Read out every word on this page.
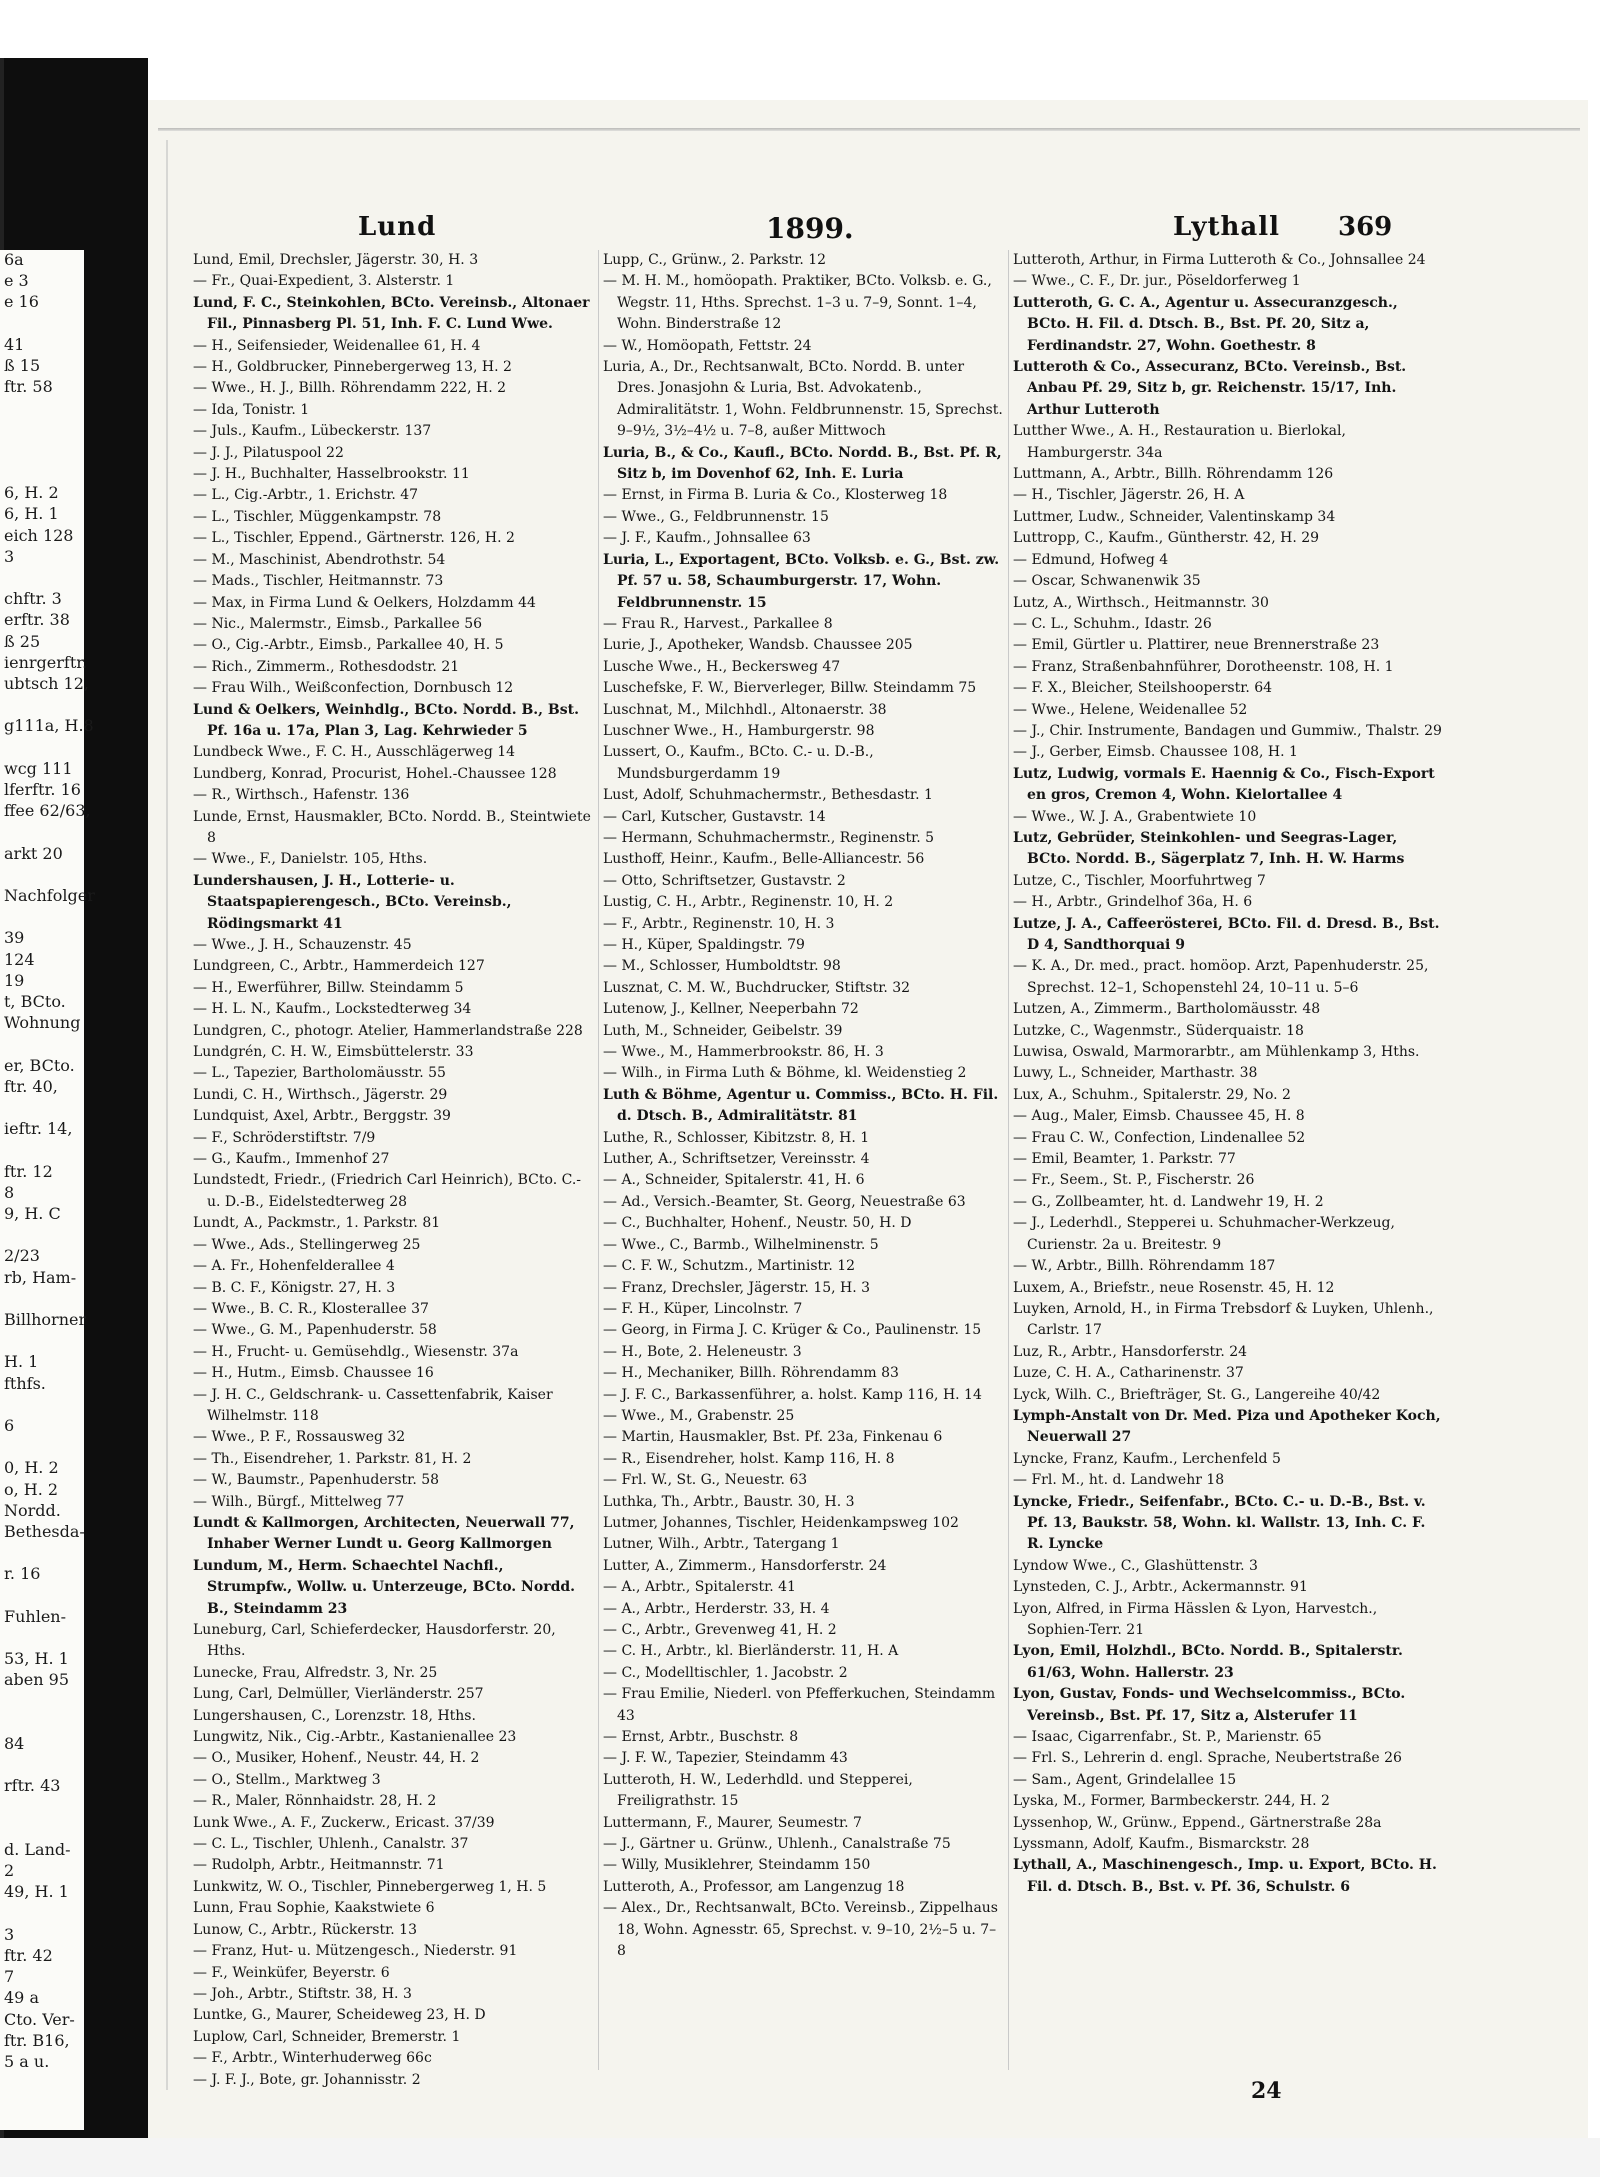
6a
e 3
e 16
41
ß 15
ftr. 58
6, H. 2
6, H. 1
eich 128
3
chftr. 3
erftr. 38
ß 25
ienrgerftr.
ubtsch 12,
g111a, H.8
wcg 111
lferftr. 16
ffee 62/63,
arkt 20
Nachfolger
39
124
19
t, BCto.
Wohnung
er, BCto.
ftr. 40,
ieftr. 14,
ftr. 12
8
9, H. C
2/23
rb, Ham-
Billhorner
H. 1
fthfs.
6
0, H. 2
o, H. 2
Nordd.
Bethesda-
r. 16
Fuhlen-
53, H. 1
aben 95
84
rftr. 43
d. Land-
2
49, H. 1
3
ftr. 42
7
49 a
Cto. Ver-
ftr. B16,
5 a u.
Lund	1899.	Lythall 369

Lund, Emil, Drechsler, Jägerstr. 30, H. 3

— Fr., Quai-Expedient, 3. Alsterstr. 1

Lund, F. C., Steinkohlen, BCto. Vereinsb., Altonaer Fil., Pinnasberg Pl. 51, Inh. F. C. Lund Wwe.

— H., Seifensieder, Weidenallee 61, H. 4

— H., Goldbrucker, Pinnebergerweg 13, H. 2

— Wwe., H. J., Billh. Röhrendamm 222, H. 2

— Ida, Tonistr. 1

— Juls., Kaufm., Lübeckerstr. 137

— J. J., Pilatuspool 22

— J. H., Buchhalter, Hasselbrookstr. 11

— L., Cig.-Arbtr., 1. Erichstr. 47

— L., Tischler, Müggenkampstr. 78

— L., Tischler, Eppend., Gärtnerstr. 126, H. 2

— M., Maschinist, Abendrothstr. 54

— Mads., Tischler, Heitmannstr. 73

— Max, in Firma Lund & Oelkers, Holzdamm 44

— Nic., Malermstr., Eimsb., Parkallee 56

— O., Cig.-Arbtr., Eimsb., Parkallee 40, H. 5

— Rich., Zimmerm., Rothesdodstr. 21

— Frau Wilh., Weißconfection, Dornbusch 12

Lund & Oelkers, Weinhdlg., BCto. Nordd. B., Bst. Pf. 16a u. 17a, Plan 3, Lag. Kehrwieder 5

Lundbeck Wwe., F. C. H., Ausschlägerweg 14

Lundberg, Konrad, Procurist, Hohel.-Chaussee 128

— R., Wirthsch., Hafenstr. 136

Lunde, Ernst, Hausmakler, BCto. Nordd. B., Steintwiete 8

— Wwe., F., Danielstr. 105, Hths.

Lundershausen, J. H., Lotterie- u. Staatspapierengesch., BCto. Vereinsb., Rödingsmarkt 41

— Wwe., J. H., Schauzenstr. 45

Lundgreen, C., Arbtr., Hammerdeich 127

— H., Ewerführer, Billw. Steindamm 5

— H. L. N., Kaufm., Lockstedterweg 34

Lundgren, C., photogr. Atelier, Hammerlandstraße 228

Lundgrén, C. H. W., Eimsbüttelerstr. 33

— L., Tapezier, Bartholomäusstr. 55

Lundi, C. H., Wirthsch., Jägerstr. 29

Lundquist, Axel, Arbtr., Berggstr. 39

— F., Schröderstiftstr. 7/9

— G., Kaufm., Immenhof 27

Lundstedt, Friedr., (Friedrich Carl Heinrich), BCto. C.- u. D.-B., Eidelstedterweg 28

Lundt, A., Packmstr., 1. Parkstr. 81

— Wwe., Ads., Stellingerweg 25

— A. Fr., Hohenfelderallee 4

— B. C. F., Königstr. 27, H. 3

— Wwe., B. C. R., Klosterallee 37

— Wwe., G. M., Papenhuderstr. 58

— H., Frucht- u. Gemüsehdlg., Wiesenstr. 37a

— H., Hutm., Eimsb. Chaussee 16

— J. H. C., Geldschrank- u. Cassettenfabrik, Kaiser Wilhelmstr. 118

— Wwe., P. F., Rossausweg 32

— Th., Eisendreher, 1. Parkstr. 81, H. 2

— W., Baumstr., Papenhuderstr. 58

— Wilh., Bürgf., Mittelweg 77

Lundt & Kallmorgen, Architecten, Neuerwall 77, Inhaber Werner Lundt u. Georg Kallmorgen

Lundum, M., Herm. Schaechtel Nachfl., Strumpfw., Wollw. u. Unterzeuge, BCto. Nordd. B., Steindamm 23

Luneburg, Carl, Schieferdecker, Hausdorferstr. 20, Hths.

Lunecke, Frau, Alfredstr. 3, Nr. 25

Lung, Carl, Delmüller, Vierländerstr. 257

Lungershausen, C., Lorenzstr. 18, Hths.

Lungwitz, Nik., Cig.-Arbtr., Kastanienallee 23

— O., Musiker, Hohenf., Neustr. 44, H. 2

— O., Stellm., Marktweg 3

— R., Maler, Rönnhaidstr. 28, H. 2

Lunk Wwe., A. F., Zuckerw., Ericast. 37/39

— C. L., Tischler, Uhlenh., Canalstr. 37

— Rudolph, Arbtr., Heitmannstr. 71

Lunkwitz, W. O., Tischler, Pinnebergerweg 1, H. 5

Lunn, Frau Sophie, Kaakstwiete 6

Lunow, C., Arbtr., Rückerstr. 13

— Franz, Hut- u. Mützengesch., Niederstr. 91

— F., Weinküfer, Beyerstr. 6

— Joh., Arbtr., Stiftstr. 38, H. 3

Luntke, G., Maurer, Scheideweg 23, H. D

Luplow, Carl, Schneider, Bremerstr. 1

— F., Arbtr., Winterhuderweg 66c

— J. F. J., Bote, gr. Johannisstr. 2

Lupp, C., Grünw., 2. Parkstr. 12

— M. H. M., homöopath. Praktiker, BCto. Volksb. e. G., Wegstr. 11, Hths. Sprechst. 1–3 u. 7–9, Sonnt. 1–4, Wohn. Binderstraße 12

— W., Homöopath, Fettstr. 24

Luria, A., Dr., Rechtsanwalt, BCto. Nordd. B. unter Dres. Jonasjohn & Luria, Bst. Advokatenb., Admiralitätstr. 1, Wohn. Feldbrunnenstr. 15, Sprechst. 9–9½, 3½–4½ u. 7–8, außer Mittwoch

Luria, B., & Co., Kaufl., BCto. Nordd. B., Bst. Pf. R, Sitz b, im Dovenhof 62, Inh. E. Luria

— Ernst, in Firma B. Luria & Co., Klosterweg 18

— Wwe., G., Feldbrunnenstr. 15

— J. F., Kaufm., Johnsallee 63

Luria, L., Exportagent, BCto. Volksb. e. G., Bst. zw. Pf. 57 u. 58, Schaumburgerstr. 17, Wohn. Feldbrunnenstr. 15

— Frau R., Harvest., Parkallee 8

Lurie, J., Apotheker, Wandsb. Chaussee 205

Lusche Wwe., H., Beckersweg 47

Luschefske, F. W., Bierverleger, Billw. Steindamm 75

Luschnat, M., Milchhdl., Altonaerstr. 38

Luschner Wwe., H., Hamburgerstr. 98

Lussert, O., Kaufm., BCto. C.- u. D.-B., Mundsburgerdamm 19

Lust, Adolf, Schuhmachermstr., Bethesdastr. 1

— Carl, Kutscher, Gustavstr. 14

— Hermann, Schuhmachermstr., Reginenstr. 5

Lusthoff, Heinr., Kaufm., Belle-Alliancestr. 56

— Otto, Schriftsetzer, Gustavstr. 2

Lustig, C. H., Arbtr., Reginenstr. 10, H. 2

— F., Arbtr., Reginenstr. 10, H. 3

— H., Küper, Spaldingstr. 79

— M., Schlosser, Humboldtstr. 98

Lusznat, C. M. W., Buchdrucker, Stiftstr. 32

Lutenow, J., Kellner, Neeperbahn 72

Luth, M., Schneider, Geibelstr. 39

— Wwe., M., Hammerbrookstr. 86, H. 3

— Wilh., in Firma Luth & Böhme, kl. Weidenstieg 2

Luth & Böhme, Agentur u. Commiss., BCto. H. Fil. d. Dtsch. B., Admiralitätstr. 81

Luthe, R., Schlosser, Kibitzstr. 8, H. 1

Luther, A., Schriftsetzer, Vereinsstr. 4

— A., Schneider, Spitalerstr. 41, H. 6

— Ad., Versich.-Beamter, St. Georg, Neuestraße 63

— C., Buchhalter, Hohenf., Neustr. 50, H. D

— Wwe., C., Barmb., Wilhelminenstr. 5

— C. F. W., Schutzm., Martinistr. 12

— Franz, Drechsler, Jägerstr. 15, H. 3

— F. H., Küper, Lincolnstr. 7

— Georg, in Firma J. C. Krüger & Co., Paulinenstr. 15

— H., Bote, 2. Heleneustr. 3

— H., Mechaniker, Billh. Röhrendamm 83

— J. F. C., Barkassenführer, a. holst. Kamp 116, H. 14

— Wwe., M., Grabenstr. 25

— Martin, Hausmakler, Bst. Pf. 23a, Finkenau 6

— R., Eisendreher, holst. Kamp 116, H. 8

— Frl. W., St. G., Neuestr. 63

Luthka, Th., Arbtr., Baustr. 30, H. 3

Lutmer, Johannes, Tischler, Heidenkampsweg 102

Lutner, Wilh., Arbtr., Tatergang 1

Lutter, A., Zimmerm., Hansdorferstr. 24

— A., Arbtr., Spitalerstr. 41

— A., Arbtr., Herderstr. 33, H. 4

— C., Arbtr., Grevenweg 41, H. 2

— C. H., Arbtr., kl. Bierländerstr. 11, H. A

— C., Modelltischler, 1. Jacobstr. 2

— Frau Emilie, Niederl. von Pfefferkuchen, Steindamm 43

— Ernst, Arbtr., Buschstr. 8

— J. F. W., Tapezier, Steindamm 43

Lutteroth, H. W., Lederhdld. und Stepperei, Freiligrathstr. 15

Luttermann, F., Maurer, Seumestr. 7

— J., Gärtner u. Grünw., Uhlenh., Canalstraße 75

— Willy, Musiklehrer, Steindamm 150

Lutteroth, A., Professor, am Langenzug 18

— Alex., Dr., Rechtsanwalt, BCto. Vereinsb., Zippelhaus 18, Wohn. Agnesstr. 65, Sprechst. v. 9–10, 2½–5 u. 7–8

Lutteroth, Arthur, in Firma Lutteroth & Co., Johnsallee 24

— Wwe., C. F., Dr. jur., Pöseldorferweg 1

Lutteroth, G. C. A., Agentur u. Assecuranzgesch., BCto. H. Fil. d. Dtsch. B., Bst. Pf. 20, Sitz a, Ferdinandstr. 27, Wohn. Goethestr. 8

Lutteroth & Co., Assecuranz, BCto. Vereinsb., Bst. Anbau Pf. 29, Sitz b, gr. Reichenstr. 15/17, Inh. Arthur Lutteroth

Lutther Wwe., A. H., Restauration u. Bierlokal, Hamburgerstr. 34a

Luttmann, A., Arbtr., Billh. Röhrendamm 126

— H., Tischler, Jägerstr. 26, H. A

Luttmer, Ludw., Schneider, Valentinskamp 34

Luttropp, C., Kaufm., Güntherstr. 42, H. 29

— Edmund, Hofweg 4

— Oscar, Schwanenwik 35

Lutz, A., Wirthsch., Heitmannstr. 30

— C. L., Schuhm., Idastr. 26

— Emil, Gürtler u. Plattirer, neue Brennerstraße 23

— Franz, Straßenbahnführer, Dorotheenstr. 108, H. 1

— F. X., Bleicher, Steilshooperstr. 64

— Wwe., Helene, Weidenallee 52

— J., Chir. Instrumente, Bandagen und Gummiw., Thalstr. 29

— J., Gerber, Eimsb. Chaussee 108, H. 1

Lutz, Ludwig, vormals E. Haennig & Co., Fisch-Export en gros, Cremon 4, Wohn. Kielortallee 4

— Wwe., W. J. A., Grabentwiete 10

Lutz, Gebrüder, Steinkohlen- und Seegras-Lager, BCto. Nordd. B., Sägerplatz 7, Inh. H. W. Harms

Lutze, C., Tischler, Moorfuhrtweg 7

— H., Arbtr., Grindelhof 36a, H. 6

Lutze, J. A., Caffeerösterei, BCto. Fil. d. Dresd. B., Bst. D 4, Sandthorquai 9

— K. A., Dr. med., pract. homöop. Arzt, Papenhuderstr. 25, Sprechst. 12–1, Schopenstehl 24, 10–11 u. 5–6

Lutzen, A., Zimmerm., Bartholomäusstr. 48

Lutzke, C., Wagenmstr., Süderquaistr. 18

Luwisa, Oswald, Marmorarbtr., am Mühlenkamp 3, Hths.

Luwy, L., Schneider, Marthastr. 38

Lux, A., Schuhm., Spitalerstr. 29, No. 2

— Aug., Maler, Eimsb. Chaussee 45, H. 8

— Frau C. W., Confection, Lindenallee 52

— Emil, Beamter, 1. Parkstr. 77

— Fr., Seem., St. P., Fischerstr. 26

— G., Zollbeamter, ht. d. Landwehr 19, H. 2

— J., Lederhdl., Stepperei u. Schuhmacher-Werkzeug, Curienstr. 2a u. Breitestr. 9

— W., Arbtr., Billh. Röhrendamm 187

Luxem, A., Briefstr., neue Rosenstr. 45, H. 12

Luyken, Arnold, H., in Firma Trebsdorf & Luyken, Uhlenh., Carlstr. 17

Luz, R., Arbtr., Hansdorferstr. 24

Luze, C. H. A., Catharinenstr. 37

Lyck, Wilh. C., Briefträger, St. G., Langereihe 40/42

Lymph-Anstalt von Dr. Med. Piza und Apotheker Koch, Neuerwall 27

Lyncke, Franz, Kaufm., Lerchenfeld 5

— Frl. M., ht. d. Landwehr 18

Lyncke, Friedr., Seifenfabr., BCto. C.- u. D.-B., Bst. v. Pf. 13, Baukstr. 58, Wohn. kl. Wallstr. 13, Inh. C. F. R. Lyncke

Lyndow Wwe., C., Glashüttenstr. 3

Lynsteden, C. J., Arbtr., Ackermannstr. 91

Lyon, Alfred, in Firma Hässlen & Lyon, Harvestch., Sophien-Terr. 21

Lyon, Emil, Holzhdl., BCto. Nordd. B., Spitalerstr. 61/63, Wohn. Hallerstr. 23

Lyon, Gustav, Fonds- und Wechselcommiss., BCto. Vereinsb., Bst. Pf. 17, Sitz a, Alsterufer 11

— Isaac, Cigarrenfabr., St. P., Marienstr. 65

— Frl. S., Lehrerin d. engl. Sprache, Neubertstraße 26

— Sam., Agent, Grindelallee 15

Lyska, M., Former, Barmbeckerstr. 244, H. 2

Lyssenhop, W., Grünw., Eppend., Gärtnerstraße 28a

Lyssmann, Adolf, Kaufm., Bismarckstr. 28

Lythall, A., Maschinengesch., Imp. u. Export, BCto. H. Fil. d. Dtsch. B., Bst. v. Pf. 36, Schulstr. 6

24
